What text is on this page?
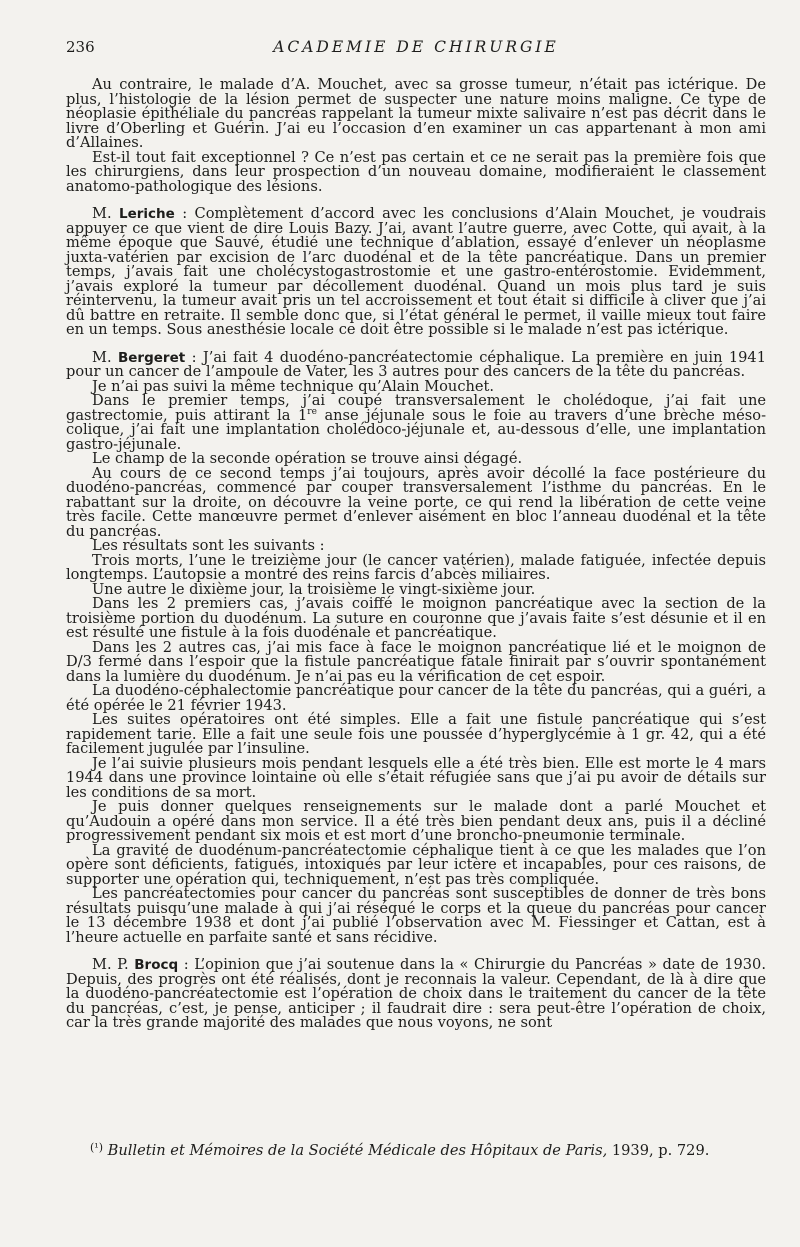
236	ACADEMIE DE CHIRURGIE

Au contraire, le malade d’A. Mouchet, avec sa grosse tumeur, n’était pas ictérique. De plus, l’histologie de la lésion permet de suspecter une nature moins maligne. Ce type de néoplasie épithéliale du pancréas rappelant la tumeur mixte salivaire n’est pas décrit dans le livre d’Oberling et Guérin. J’ai eu l’occasion d’en examiner un cas appartenant à mon ami d’Allaines.

Est-il tout fait exceptionnel ? Ce n’est pas certain et ce ne serait pas la première fois que les chirurgiens, dans leur prospection d’un nouveau domaine, modifieraient le classement anatomo-pathologique des lésions.

M. Leriche : Complètement d’accord avec les conclusions d’Alain Mouchet, je voudrais appuyer ce que vient de dire Louis Bazy. J’ai, avant l’autre guerre, avec Cotte, qui avait, à la même époque que Sauvé, étudié une technique d’ablation, essayé d’enlever un néoplasme juxta-vatérien par excision de l’arc duodénal et de la tête pancréatique. Dans un premier temps, j’avais fait une cholécystogastrostomie et une gastro-entérostomie. Evidemment, j’avais exploré la tumeur par décollement duodénal. Quand un mois plus tard je suis réintervenu, la tumeur avait pris un tel accroissement et tout était si difficile à cliver que j’ai dû battre en retraite. Il semble donc que, si l’état général le permet, il vaille mieux tout faire en un temps. Sous anesthésie locale ce doit être possible si le malade n’est pas ictérique.

M. Bergeret : J’ai fait 4 duodéno-pancréatectomie céphalique. La première en juin 1941 pour un cancer de l’ampoule de Vater, les 3 autres pour des cancers de la tête du pancréas.

Je n’ai pas suivi la même technique qu’Alain Mouchet.

Dans le premier temps, j’ai coupé transversalement le cholédoque, j’ai fait une gastrectomie, puis attirant la 1re anse jéjunale sous le foie au travers d’une brèche méso-colique, j’ai fait une implantation cholédoco-jéjunale et, au-dessous d’elle, une implantation gastro-jéjunale.

Le champ de la seconde opération se trouve ainsi dégagé.

Au cours de ce second temps j’ai toujours, après avoir décollé la face postérieure du duodéno-pancréas, commencé par couper transversalement l’isthme du pancréas. En le rabattant sur la droite, on découvre la veine porte, ce qui rend la libération de cette veine très facile. Cette manœuvre permet d’enlever aisément en bloc l’anneau duodénal et la tête du pancréas.

Les résultats sont les suivants :

Trois morts, l’une le treizième jour (le cancer vatérien), malade fatiguée, infectée depuis longtemps. L’autopsie a montré des reins farcis d’abcès miliaires.

Une autre le dixième jour, la troisième le vingt-sixième jour.

Dans les 2 premiers cas, j’avais coiffé le moignon pancréatique avec la section de la troisième portion du duodénum. La suture en couronne que j’avais faite s’est désunie et il en est résulté une fistule à la fois duodénale et pancréatique.

Dans les 2 autres cas, j’ai mis face à face le moignon pancréatique lié et le moignon de D/3 fermé dans l’espoir que la fistule pancréatique fatale finirait par s’ouvrir spontanément dans la lumière du duodénum. Je n’ai pas eu la vérification de cet espoir.

La duodéno-céphalectomie pancréatique pour cancer de la tête du pancréas, qui a guéri, a été opérée le 21 février 1943.

Les suites opératoires ont été simples. Elle a fait une fistule pancréatique qui s’est rapidement tarie. Elle a fait une seule fois une poussée d’hyperglycémie à 1 gr. 42, qui a été facilement jugulée par l’insuline.

Je l’ai suivie plusieurs mois pendant lesquels elle a été très bien. Elle est morte le 4 mars 1944 dans une province lointaine où elle s’était réfugiée sans que j’ai pu avoir de détails sur les conditions de sa mort.

Je puis donner quelques renseignements sur le malade dont a parlé Mouchet et qu’Audouin a opéré dans mon service. Il a été très bien pendant deux ans, puis il a décliné progressivement pendant six mois et est mort d’une broncho-pneumonie terminale.

La gravité de duodénum-pancréatectomie céphalique tient à ce que les malades que l’on opère sont déficients, fatigués, intoxiqués par leur ictère et incapables, pour ces raisons, de supporter une opération qui, techniquement, n’est pas très compliquée.

Les pancréatectomies pour cancer du pancréas sont susceptibles de donner de très bons résultats puisqu’une malade à qui j’ai réséqué le corps et la queue du pancréas pour cancer le 13 décembre 1938 et dont j’ai publié l’observation avec M. Fiessinger et Cattan, est à l’heure actuelle en parfaite santé et sans récidive.

M. P. Brocq : L’opinion que j’ai soutenue dans la « Chirurgie du Pancréas » date de 1930. Depuis, des progrès ont été réalisés, dont je reconnais la valeur. Cependant, de là à dire que la duodéno-pancréatectomie est l’opération de choix dans le traitement du cancer de la tête du pancréas, c’est, je pense, anticiper ; il faudrait dire : sera peut-être l’opération de choix, car la très grande majorité des malades que nous voyons, ne sont

$^{(^1)}$ Bulletin et Mémoires de la Société Médicale des Hôpitaux de Paris, 1939, p. 729.
